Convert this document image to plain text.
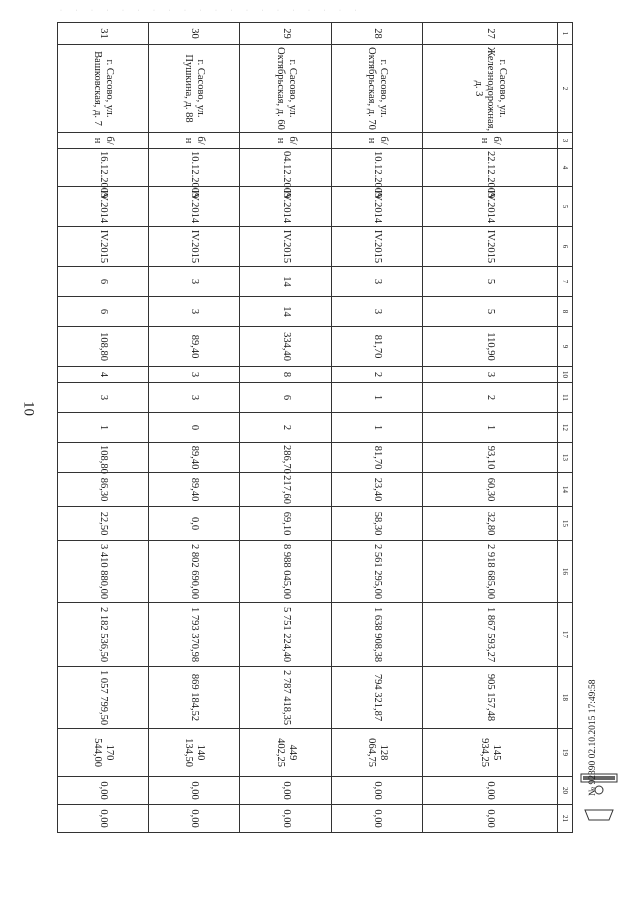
· · · · · · · · · · · · · · · · · · · ·
10
1	2	3	4	5	6	7	8	9	10	11	12	13	14	15	16	17	18	19	20	21
27	г. Сасово, ул. Железнодорожная, д. 3	б/н	22.12.2009	IV.2014	IV.2015	5	5	110,90	3	2	1	93,10	60,30	32,80	2 918 685,00	1 867 593,27	905 157,48	145 934,25	0,00	0,00
28	г. Сасово, ул. Октябрьская, д. 70	б/н	10.12.2009	IV.2014	IV.2015	3	3	81,70	2	1	1	81,70	23,40	58,30	2 561 295,00	1 638 908,38	794 321,87	128 064,75	0,00	0,00
29	г. Сасово, ул. Октябрьская, д. 60	б/н	04.12.2009	IV.2014	IV.2015	14	14	334,40	8	6	2	286,70	217,60	69,10	8 988 045,00	5 751 224,40	2 787 418,35	449 402,25	0,00	0,00
30	г. Сасово, ул. Пушкина, д. 88	б/н	10.12.2009	IV.2014	IV.2015	3	3	89,40	3	3	0	89,40	89,40	0,0	2 802 690,00	1 793 370,98	869 184,52	140 134,50	0,00	0,00
31	г. Сасово, ул. Вашковская, д. 7	б/н	16.12.2009	IV.2014	IV.2015	6	6	108,80	4	3	1	108,80	86,30	22,50	3 410 880,00	2 182 536,50	1 057 799,50	170 544,00	0,00	0,00
№ 92390 02.10.2015 17:49:58
